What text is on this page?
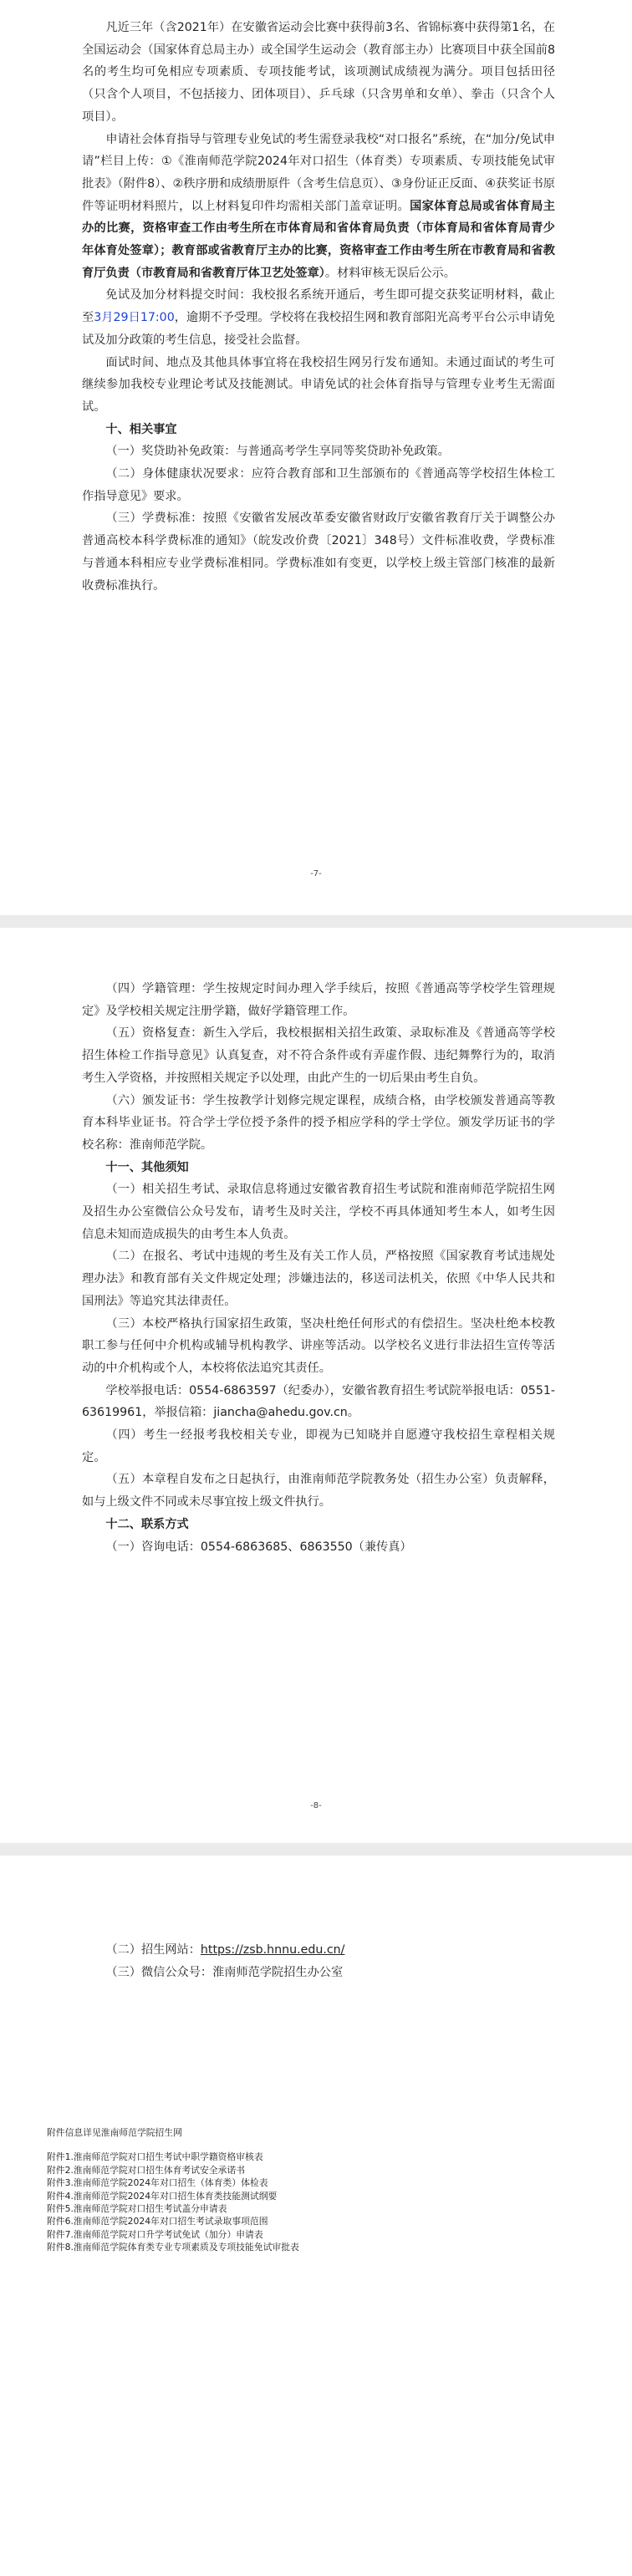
凡近三年（含2021年）在安徽省运动会比赛中获得前3名、省锦标赛中获得第1名，在全国运动会（国家体育总局主办）或全国学生运动会（教育部主办）比赛项目中获全国前8名的考生均可免相应专项素质、专项技能考试，该项测试成绩视为满分。项目包括田径（只含个人项目，不包括接力、团体项目）、乒乓球（只含男单和女单）、拳击（只含个人项目）。

申请社会体育指导与管理专业免试的考生需登录我校“对口报名”系统，在“加分/免试申请”栏目上传：①《淮南师范学院2024年对口招生（体育类）专项素质、专项技能免试审批表》（附件8）、②秩序册和成绩册原件（含考生信息页）、③身份证正反面、④获奖证书原件等证明材料照片，以上材料复印件均需相关部门盖章证明。国家体育总局或省体育局主办的比赛，资格审查工作由考生所在市体育局和省体育局负责（市体育局和省体育局青少年体育处签章）；教育部或省教育厅主办的比赛，资格审查工作由考生所在市教育局和省教育厅负责（市教育局和省教育厅体卫艺处签章）。材料审核无误后公示。

免试及加分材料提交时间：我校报名系统开通后，考生即可提交获奖证明材料，截止至3月29日17:00，逾期不予受理。学校将在我校招生网和教育部阳光高考平台公示申请免试及加分政策的考生信息，接受社会监督。

面试时间、地点及其他具体事宜将在我校招生网另行发布通知。未通过面试的考生可继续参加我校专业理论考试及技能测试。申请免试的社会体育指导与管理专业考生无需面试。

十、相关事宜

（一）奖贷助补免政策：与普通高考学生享同等奖贷助补免政策。

（二）身体健康状况要求：应符合教育部和卫生部颁布的《普通高等学校招生体检工作指导意见》要求。

（三）学费标准：按照《安徽省发展改革委安徽省财政厅安徽省教育厅关于调整公办普通高校本科学费标准的通知》（皖发改价费〔2021〕348号）文件标准收费，学费标准与普通本科相应专业学费标准相同。学费标准如有变更，以学校上级主管部门核准的最新收费标准执行。

-7-

（四）学籍管理：学生按规定时间办理入学手续后，按照《普通高等学校学生管理规定》及学校相关规定注册学籍，做好学籍管理工作。

（五）资格复查：新生入学后，我校根据相关招生政策、录取标准及《普通高等学校招生体检工作指导意见》认真复查，对不符合条件或有弄虚作假、违纪舞弊行为的，取消考生入学资格，并按照相关规定予以处理，由此产生的一切后果由考生自负。

（六）颁发证书：学生按教学计划修完规定课程，成绩合格，由学校颁发普通高等教育本科毕业证书。符合学士学位授予条件的授予相应学科的学士学位。颁发学历证书的学校名称：淮南师范学院。

十一、其他须知

（一）相关招生考试、录取信息将通过安徽省教育招生考试院和淮南师范学院招生网及招生办公室微信公众号发布，请考生及时关注，学校不再具体通知考生本人，如考生因信息未知而造成损失的由考生本人负责。

（二）在报名、考试中违规的考生及有关工作人员，严格按照《国家教育考试违规处理办法》和教育部有关文件规定处理；涉嫌违法的，移送司法机关，依照《中华人民共和国刑法》等追究其法律责任。

（三）本校严格执行国家招生政策，坚决杜绝任何形式的有偿招生。坚决杜绝本校教职工参与任何中介机构或辅导机构教学、讲座等活动。以学校名义进行非法招生宣传等活动的中介机构或个人，本校将依法追究其责任。

学校举报电话：0554-6863597（纪委办），安徽省教育招生考试院举报电话：0551-63619961，举报信箱：jiancha@ahedu.gov.cn。

（四）考生一经报考我校相关专业，即视为已知晓并自愿遵守我校招生章程相关规定。

（五）本章程自发布之日起执行，由淮南师范学院教务处（招生办公室）负责解释，如与上级文件不同或未尽事宜按上级文件执行。

十二、联系方式

（一）咨询电话：0554-6863685、6863550（兼传真）

-8-

（二）招生网站：https://zsb.hnnu.edu.cn/

（三）微信公众号：淮南师范学院招生办公室

附件信息详见淮南师范学院招生网
附件1.淮南师范学院对口招生考试中职学籍资格审核表
附件2.淮南师范学院对口招生体育考试安全承诺书
附件3.淮南师范学院2024年对口招生（体育类）体检表
附件4.淮南师范学院2024年对口招生体育类技能测试纲要
附件5.淮南师范学院对口招生考试盖分申请表
附件6.淮南师范学院2024年对口招生考试录取事项范围
附件7.淮南师范学院对口升学考试免试（加分）申请表
附件8.淮南师范学院体育类专业专项素质及专项技能免试审批表
